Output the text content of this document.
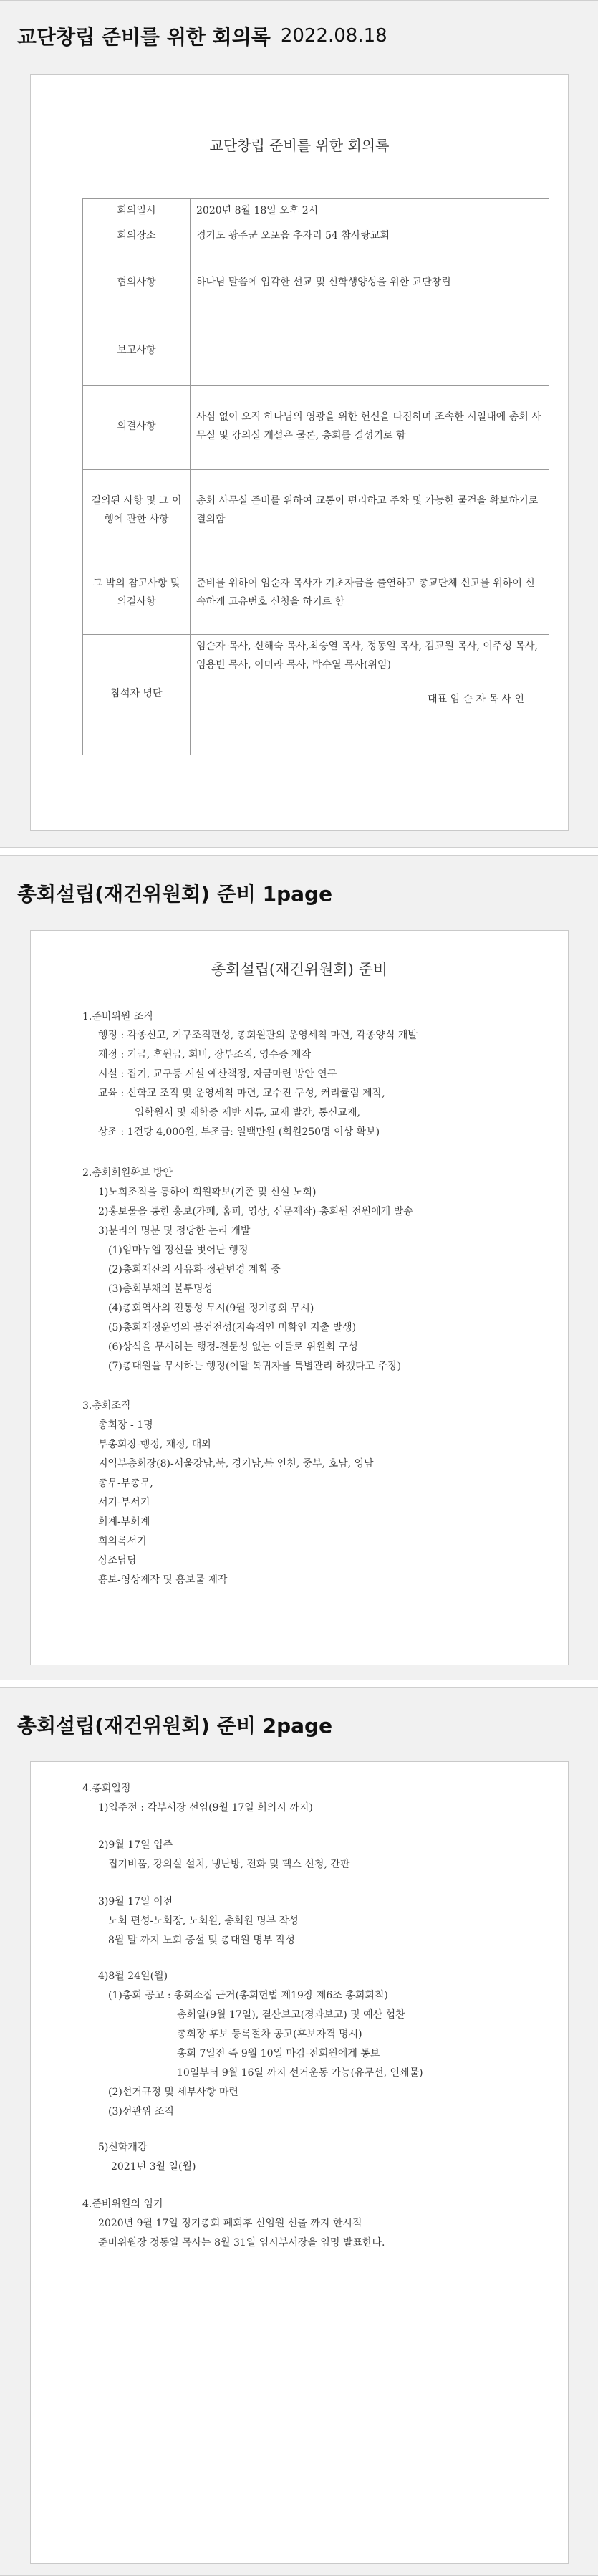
교단창립 준비를 위한 회의록 2022.08.18
교단창립 준비를 위한 회의록
회의일시	2020년 8월 18일 오후 2시
회의장소	경기도 광주군 오포읍 추자리 54 참사랑교회
협의사항	하나님 말씀에 입각한 선교 및 신학생양성을 위한 교단창립
보고사항	
의결사항	사심 없이 오직 하나님의 영광을 위한 헌신을 다짐하며 조속한 시일내에 총회 사무실 및 강의실 개설은 물론, 총회를 결성키로 함
결의된 사항 및 그 이행에 관한 사항	총회 사무실 준비를 위하여 교통이 편리하고 주차 및 가능한 물건을 확보하기로 결의함
그 밖의 참고사항 및 의결사항	준비를 위하여 임순자 목사가 기초자금을 출연하고 총교단체 신고를 위하여 신속하게 고유번호 신청을 하기로 함
참석자 명단	임순자 목사, 신해숙 목사,최승열 목사, 정동일 목사, 김교원 목사, 이주성 목사, 임용빈 목사, 이미라 목사, 박수열 목사(위임)
대표 임 순 자 목 사 인
총회설립(재건위원회) 준비 1page
총회설립(재건위원회) 준비
1.준비위원 조직
행정 : 각종신고, 기구조직편성, 총회원관의 운영세칙 마련, 각종양식 개발
재정 : 기금, 후원금, 회비, 장부조직, 영수증 제작
시설 : 집기, 교구등 시설 예산책정, 자금마련 방안 연구
교육 : 신학교 조직 및 운영세칙 마련, 교수진 구성, 커리큘럼 제작,
입학원서 및 재학증 제반 서류, 교재 발간, 통신교재,
상조 : 1건당 4,000원, 부조금: 일백만원 (회원250명 이상 확보)
2.총회회원확보 방안
1)노회조직을 통하여 회원확보(기존 및 신설 노회)
2)홍보물을 통한 홍보(카페, 홈피, 영상, 신문제작)-총회원 전원에게 발송
3)분리의 명분 및 정당한 논리 개발
(1)임마누엘 정신을 벗어난 행정
(2)총회재산의 사유화-정관변경 계획 중
(3)총회부채의 불투명성
(4)총회역사의 전통성 무시(9월 정기총회 무시)
(5)총회재정운영의 불건전성(지속적인 미확인 지출 발생)
(6)상식을 무시하는 행정-전문성 없는 이들로 위원회 구성
(7)총대원을 무시하는 행정(이탈 복귀자를 특별관리 하겠다고 주장)
3.총회조직
총회장 - 1명
부총회장-행정, 재정, 대외
지역부총회장(8)-서울강남,북, 경기남,북 인천, 중부, 호남, 영남
총무-부총무,
서기-부서기
회계-부회계
회의록서기
상조담당
홍보-영상제작 및 홍보물 제작
총회설립(재건위원회) 준비 2page
4.총회일정
1)입주전 : 각부서장 선임(9월 17일 회의시 까지)
2)9월 17일 입주
집기비품, 강의실 설치, 냉난방, 전화 및 팩스 신청, 간판
3)9월 17일 이전
노회 편성-노회장, 노회원, 총회원 명부 작성
8월 말 까지 노회 증설 및 총대원 명부 작성
4)8월 24일(월)
(1)총회 공고 : 총회소집 근거(총회헌법 제19장 제6조 총회회칙)
총회일(9월 17일), 결산보고(경과보고) 및 예산 협찬
총회장 후보 등록절차 공고(후보자격 명시)
총회 7일전 즉 9월 10일 마감-전회원에게 통보
10일부터 9월 16일 까지 선거운동 가능(유무선, 인쇄물)
(2)선거규정 및 세부사항 마련
(3)선관위 조직
5)신학개강
2021년 3월 일(월)
4.준비위원의 임기
2020년 9월 17일 정기총회 폐회후 신임원 선출 까지 한시적
준비위원장 정동일 목사는 8월 31일 임시부서장을 임명 발표한다.
